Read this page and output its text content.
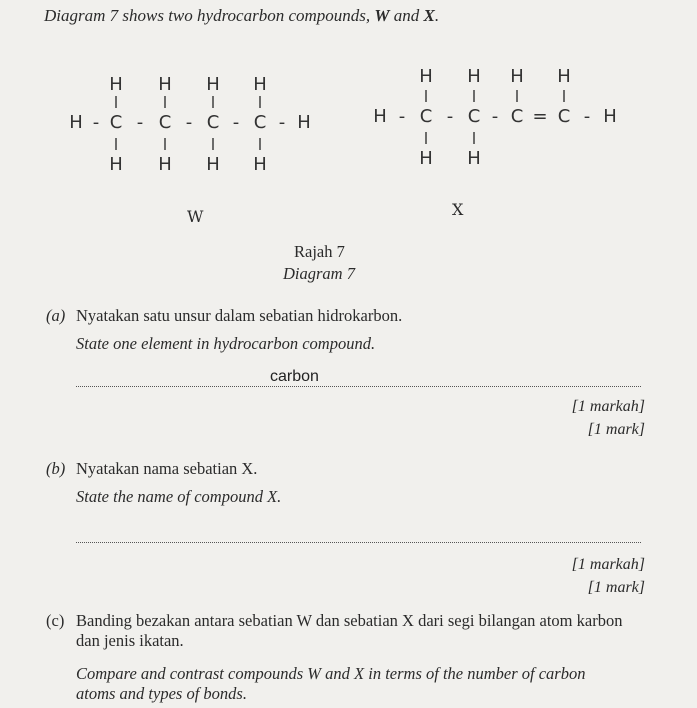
Diagram 7 shows two hydrocarbon compounds, W and X.
H H H H
H - C - C - C - C - H
H H H H
H H H H
H - C - C - C = C - H
H H
W	X
Rajah 7
Diagram 7
(a) Nyatakan satu unsur dalam sebatian hidrokarbon.
State one element in hydrocarbon compound.
carbon
[1 markah]
[1 mark]
(b) Nyatakan nama sebatian X.
State the name of compound X.
[1 markah]
[1 mark]
(c) Banding bezakan antara sebatian W dan sebatian X dari segi bilangan atom karbon
dan jenis ikatan.
Compare and contrast compounds W and X in terms of the number of carbon
atoms and types of bonds.
